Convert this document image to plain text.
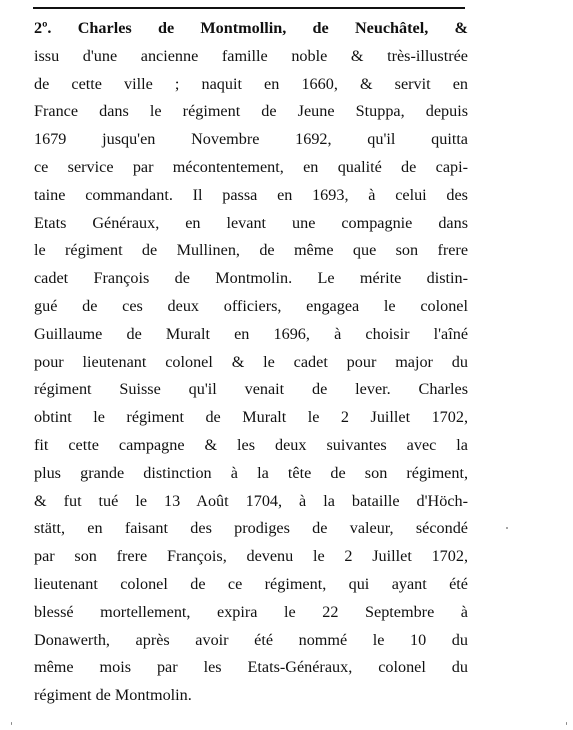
2º. Charles de Montmollin, de Neuchâtel, &
issu d'une ancienne famille noble & très-illustrée
de cette ville ; naquit en 1660, & servit en
France dans le régiment de Jeune Stuppa, depuis
1679 jusqu'en Novembre 1692, qu'il quitta
ce service par mécontentement, en qualité de capi-
taine commandant. Il passa en 1693, à celui des
Etats Généraux, en levant une compagnie dans
le régiment de Mullinen, de même que son frere
cadet François de Montmolin. Le mérite distin-
gué de ces deux officiers, engagea le colonel
Guillaume de Muralt en 1696, à choisir l'aîné
pour lieutenant colonel & le cadet pour major du
régiment Suisse qu'il venait de lever. Charles
obtint le régiment de Muralt le 2 Juillet 1702,
fit cette campagne & les deux suivantes avec la
plus grande distinction à la tête de son régiment,
& fut tué le 13 Août 1704, à la bataille d'Höch-
stätt, en faisant des prodiges de valeur, sécondé
par son frere François, devenu le 2 Juillet 1702,
lieutenant colonel de ce régiment, qui ayant été
blessé mortellement, expira le 22 Septembre à
Donawerth, après avoir été nommé le 10 du
même mois par les Etats-Généraux, colonel du
régiment de Montmolin.
